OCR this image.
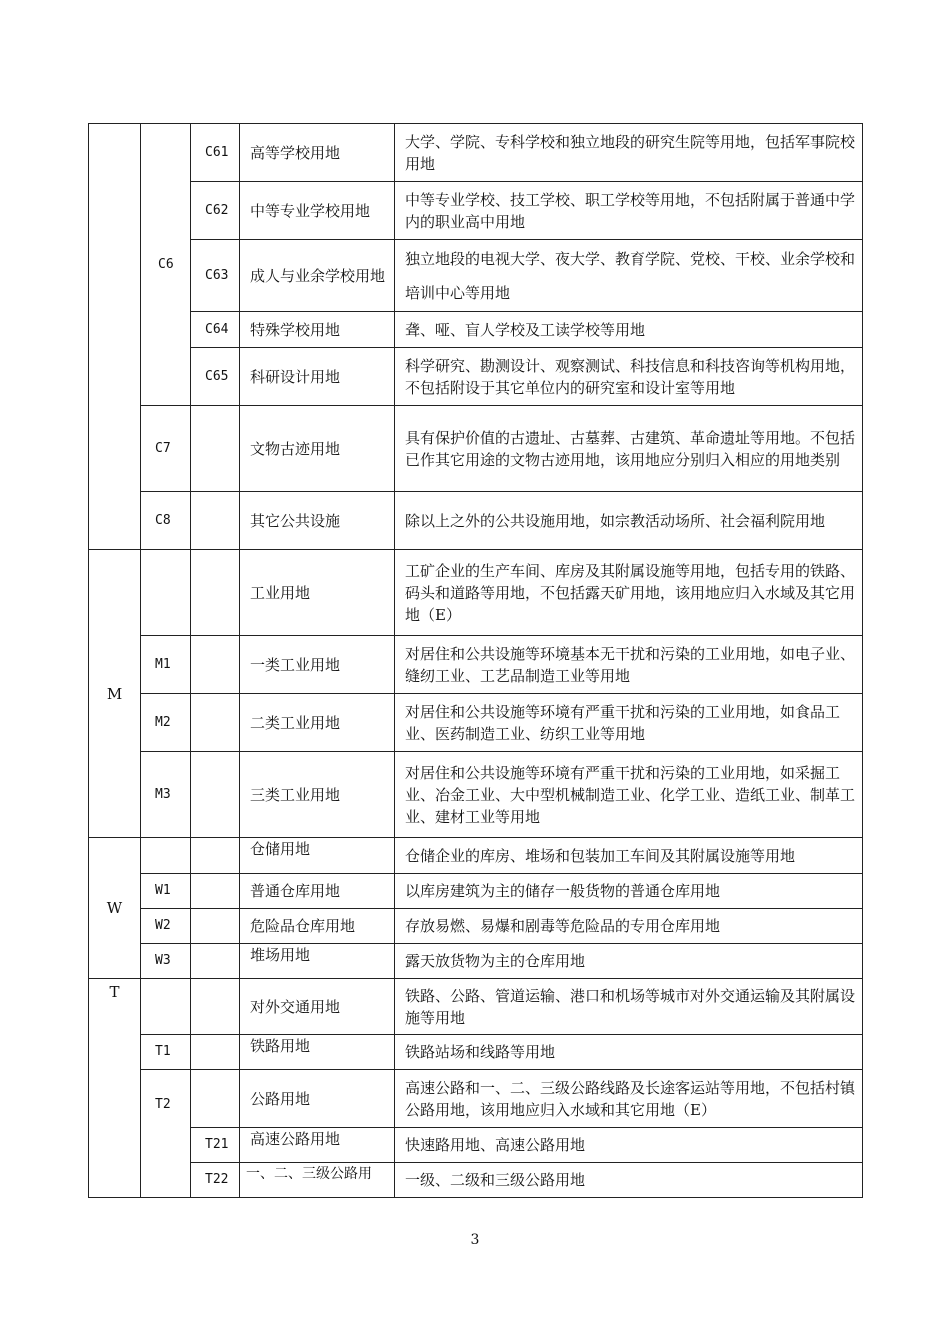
	C6	C61	高等学校用地	大学、学院、专科学校和独立地段的研究生院等用地，包括军事院校用地
		C62	中等专业学校用地	中等专业学校、技工学校、职工学校等用地，不包括附属于普通中学内的职业高中用地
		C63	成人与业余学校用地	独立地段的电视大学、夜大学、教育学院、党校、干校、业余学校和培训中心等用地
		C64	特殊学校用地	聋、哑、盲人学校及工读学校等用地
		C65	科研设计用地	科学研究、勘测设计、观察测试、科技信息和科技咨询等机构用地，不包括附设于其它单位内的研究室和设计室等用地
	C7		文物古迹用地	具有保护价值的古遗址、古墓葬、古建筑、革命遗址等用地。不包括已作其它用途的文物古迹用地，该用地应分别归入相应的用地类别
	C8		其它公共设施	除以上之外的公共设施用地，如宗教活动场所、社会福利院用地
M			工业用地	工矿企业的生产车间、库房及其附属设施等用地，包括专用的铁路、码头和道路等用地，不包括露天矿用地，该用地应归入水域及其它用地（E）
	M1		一类工业用地	对居住和公共设施等环境基本无干扰和污染的工业用地，如电子业、缝纫工业、工艺品制造工业等用地
	M2		二类工业用地	对居住和公共设施等环境有严重干扰和污染的工业用地，如食品工业、医药制造工业、纺织工业等用地
	M3		三类工业用地	对居住和公共设施等环境有严重干扰和污染的工业用地，如采掘工业、冶金工业、大中型机械制造工业、化学工业、造纸工业、制革工业、建材工业等用地
W			仓储用地	仓储企业的库房、堆场和包装加工车间及其附属设施等用地
	W1		普通仓库用地	以库房建筑为主的储存一般货物的普通仓库用地
	W2		危险品仓库用地	存放易燃、易爆和剧毒等危险品的专用仓库用地
	W3		堆场用地	露天放货物为主的仓库用地
T			对外交通用地	铁路、公路、管道运输、港口和机场等城市对外交通运输及其附属设施等用地
	T1		铁路用地	铁路站场和线路等用地
	T2		公路用地	高速公路和一、二、三级公路线路及长途客运站等用地，不包括村镇公路用地，该用地应归入水域和其它用地（E）
		T21	高速公路用地	快速路用地、高速公路用地
		T22	一、二、三级公路用	一级、二级和三级公路用地
3
